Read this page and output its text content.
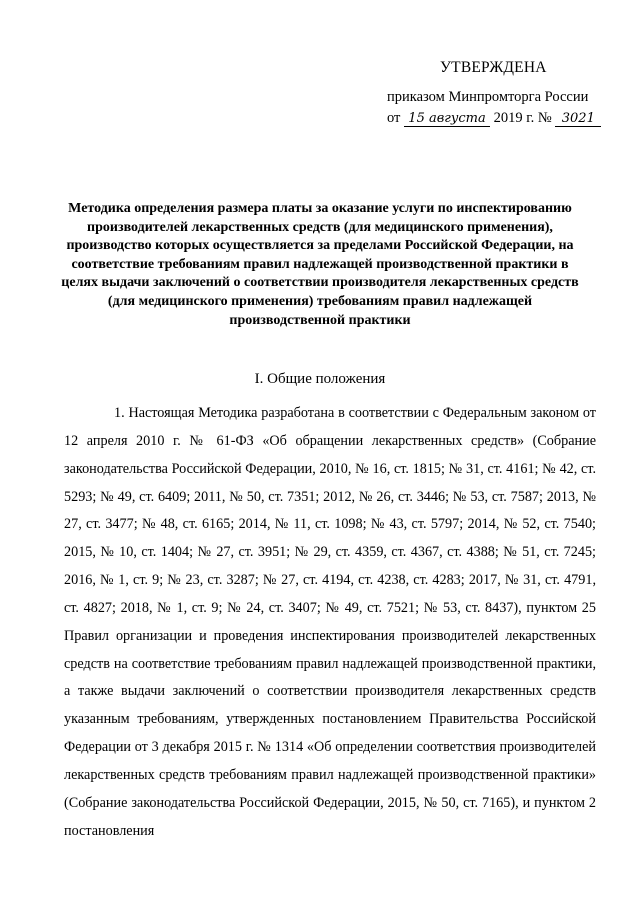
УТВЕРЖДЕНА
приказом Минпромторга России
от 15 августа 2019 г. № 3021
Методика определения размера платы за оказание услуги по инспектированию производителей лекарственных средств (для медицинского применения), производство которых осуществляется за пределами Российской Федерации, на соответствие требованиям правил надлежащей производственной практики в целях выдачи заключений о соответствии производителя лекарственных средств (для медицинского применения) требованиям правил надлежащей производственной практики
I. Общие положения

1. Настоящая Методика разработана в соответствии с Федеральным законом от 12 апреля 2010 г. № 61-ФЗ «Об обращении лекарственных средств» (Собрание законодательства Российской Федерации, 2010, № 16, ст. 1815; № 31, ст. 4161; № 42, ст. 5293; № 49, ст. 6409; 2011, № 50, ст. 7351; 2012, № 26, ст. 3446; № 53, ст. 7587; 2013, № 27, ст. 3477; № 48, ст. 6165; 2014, № 11, ст. 1098; № 43, ст. 5797; 2014, № 52, ст. 7540; 2015, № 10, ст. 1404; № 27, ст. 3951; № 29, ст. 4359, ст. 4367, ст. 4388; № 51, ст. 7245; 2016, № 1, ст. 9; № 23, ст. 3287; № 27, ст. 4194, ст. 4238, ст. 4283; 2017, № 31, ст. 4791, ст. 4827; 2018, № 1, ст. 9; № 24, ст. 3407; № 49, ст. 7521; № 53, ст. 8437), пунктом 25 Правил организации и проведения инспектирования производителей лекарственных средств на соответствие требованиям правил надлежащей производственной практики, а также выдачи заключений о соответствии производителя лекарственных средств указанным требованиям, утвержденных постановлением Правительства Российской Федерации от 3 декабря 2015 г. № 1314 «Об определении соответствия производителей лекарственных средств требованиям правил надлежащей производственной практики» (Собрание законодательства Российской Федерации, 2015, № 50, ст. 7165), и пунктом 2 постановления
